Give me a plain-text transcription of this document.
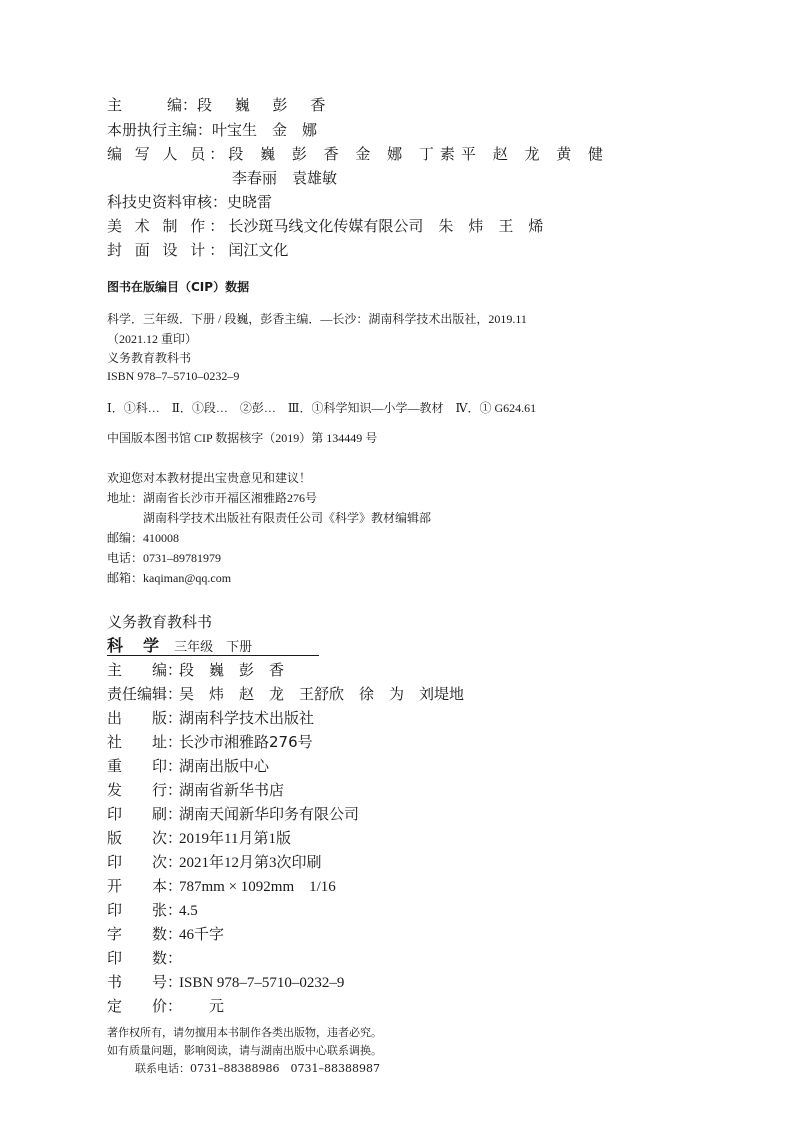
主　　　编：段 巍 彭 香
本册执行主编：叶宝生　金　娜
编 写 人 员：段 巍 彭 香 金 娜 丁素平 赵 龙 黄 健
李春丽　袁雄敏
科技史资料审核：史晓雷
美 术 制 作：长沙斑马线文化传媒有限公司　朱　炜　王　烯
封 面 设 计：闰江文化
图书在版编目（CIP）数据
科学．三年级．下册 / 段巍，彭香主编．—长沙：湖南科学技术出版社，2019.11
（2021.12 重印）
义务教育教科书
ISBN 978–7–5710–0232–9
Ⅰ．①科…　Ⅱ．①段…　②彭…　Ⅲ．①科学知识—小学—教材　Ⅳ．① G624.61
中国版本图书馆 CIP 数据核字（2019）第 134449 号
欢迎您对本教材提出宝贵意见和建议！
地址：湖南省长沙市开福区湘雅路276号
湖南科学技术出版社有限责任公司《科学》教材编辑部
邮编：410008
电话：0731–89781979
邮箱：kaqiman@qq.com
义务教育教科书
科　学 三年级　下册
主　　编：段　巍　彭　香
责任编辑：吴　炜　赵　龙　王舒欣　徐　为　刘堤地
出　　版：湖南科学技术出版社
社　　址：长沙市湘雅路276号
重　　印：湖南出版中心
发　　行：湖南省新华书店
印　　刷：湖南天闻新华印务有限公司
版　　次：2019年11月第1版
印　　次：2021年12月第3次印刷
开　　本：787mm × 1092mm　1/16
印　　张：4.5
字　　数：46千字
印　　数：
书　　号：ISBN 978–7–5710–0232–9
定　　价：　　元
著作权所有，请勿擅用本书制作各类出版物，违者必究。
如有质量问题，影响阅读，请与湖南出版中心联系调换。
联系电话：0731–88388986　0731–88388987
